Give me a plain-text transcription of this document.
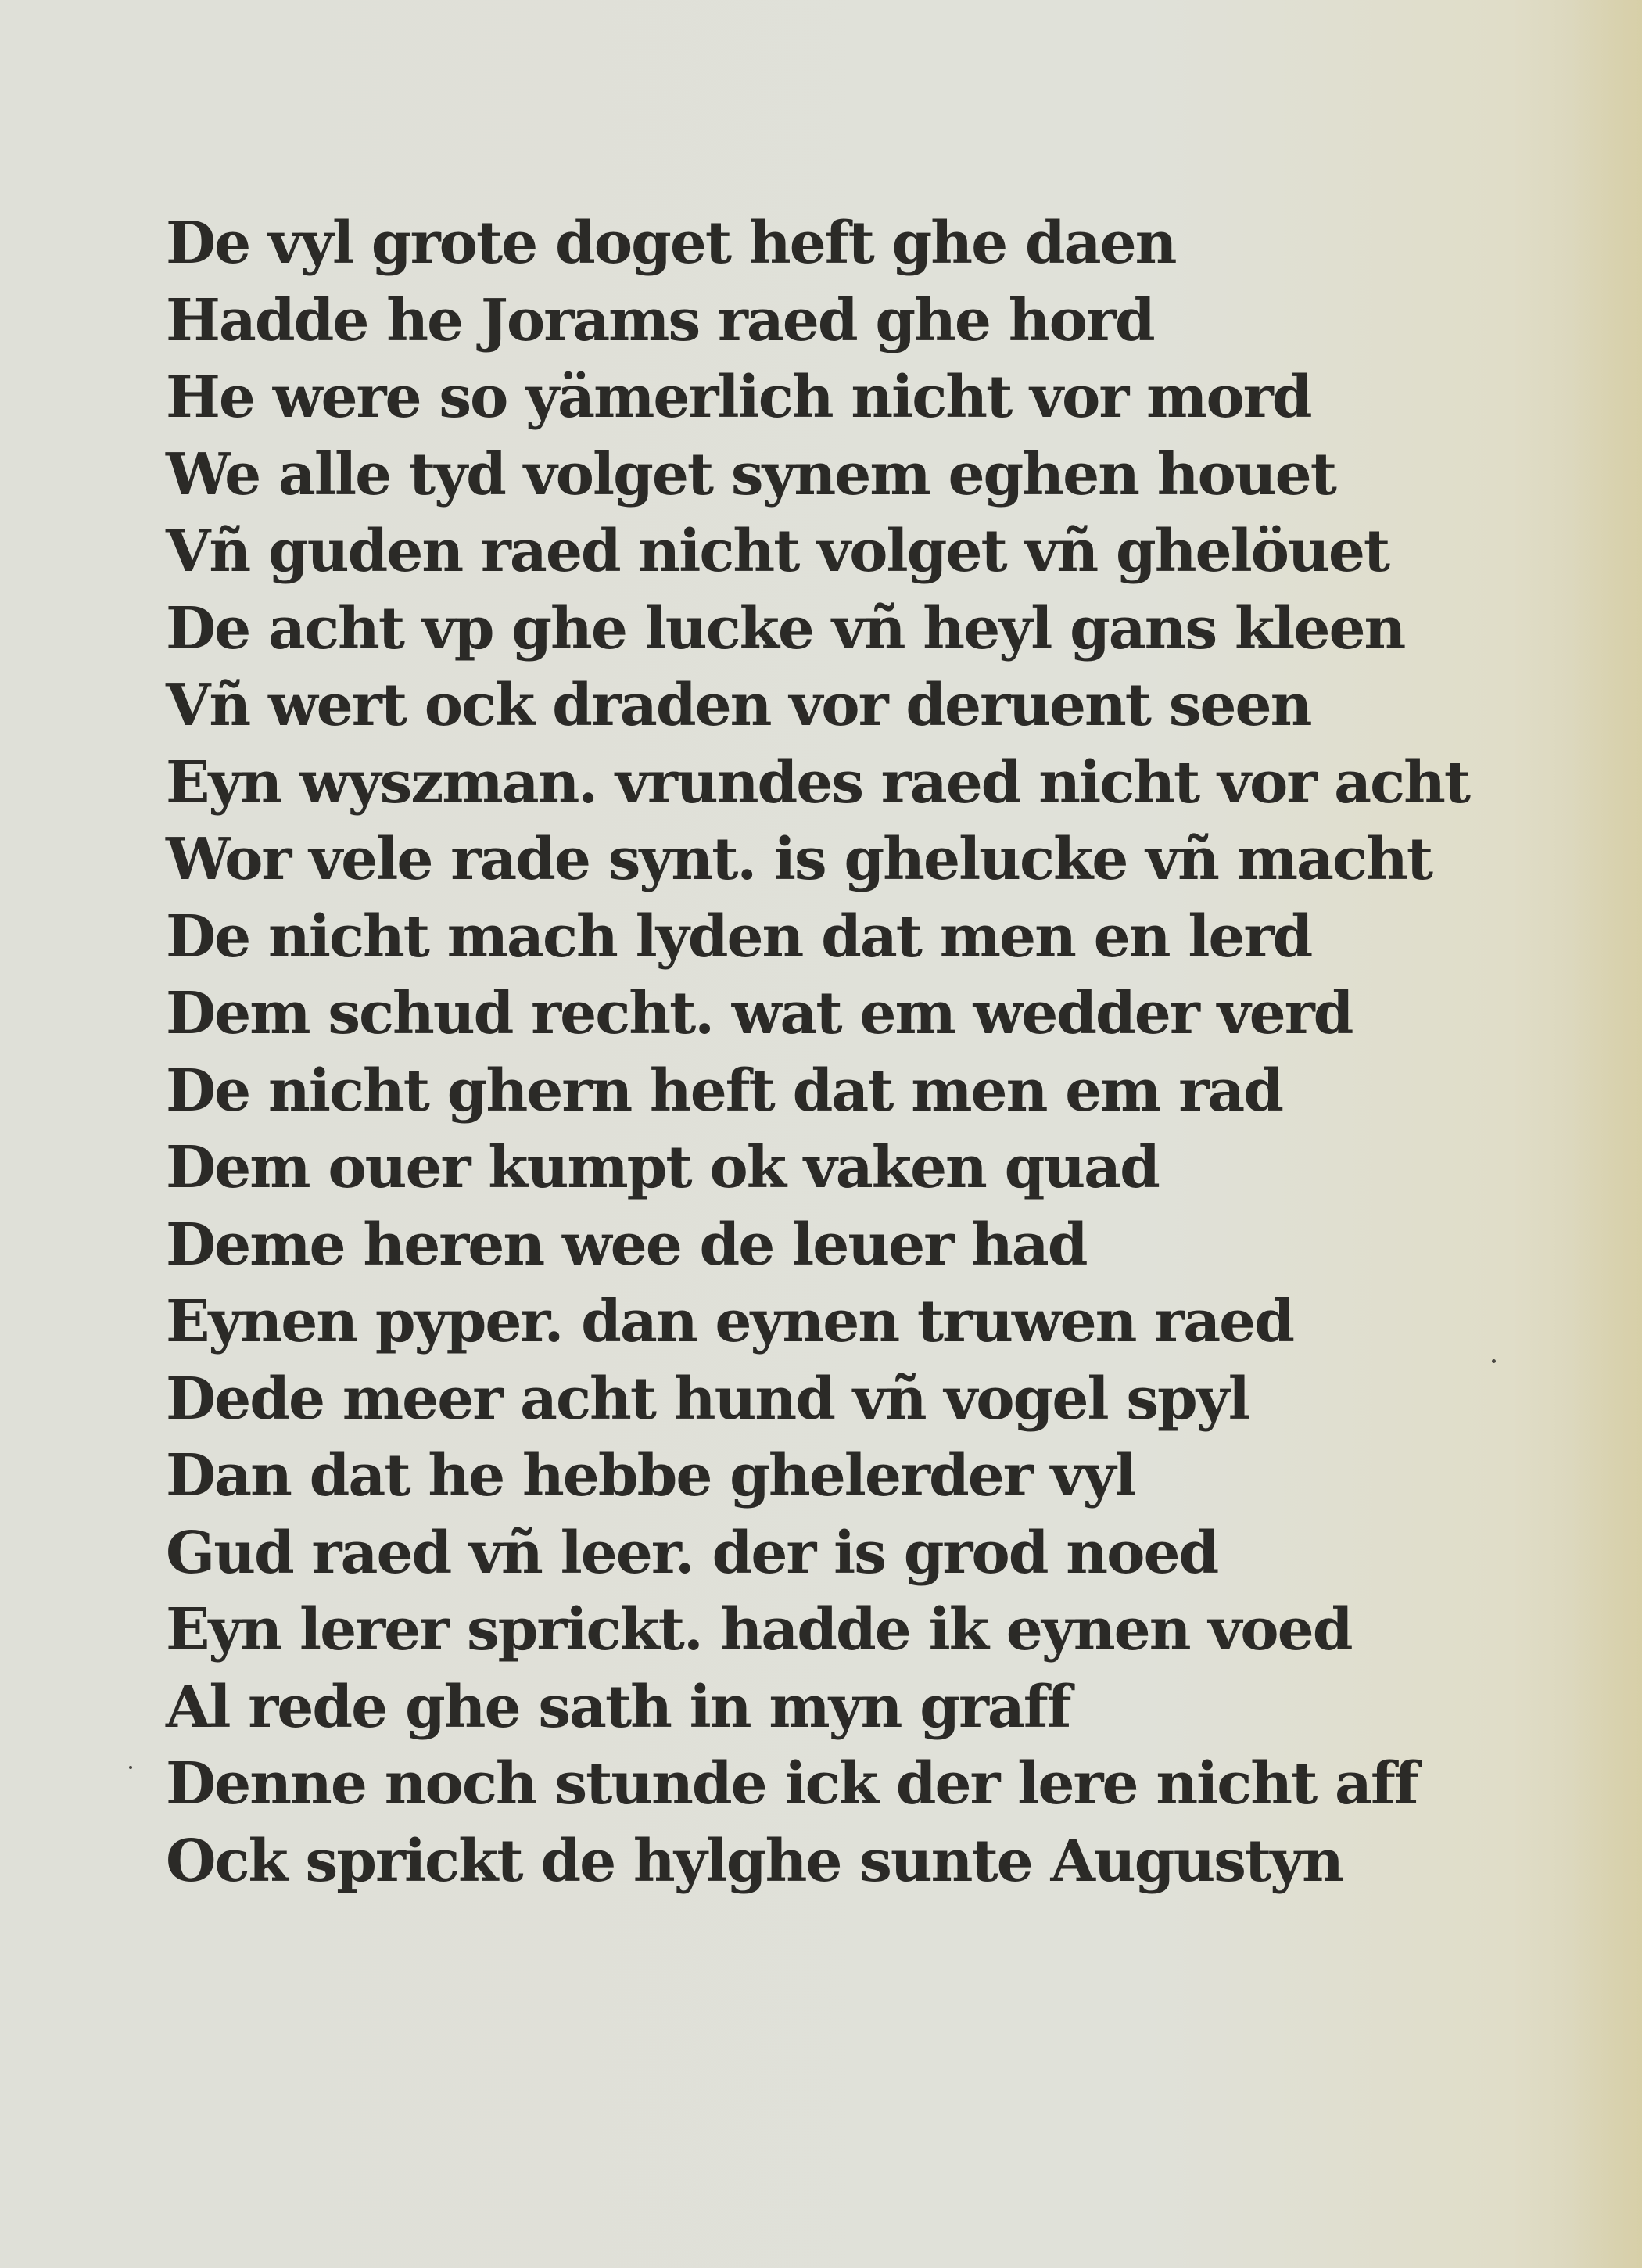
De vyl grote doget heft ghe daen
Hadde he Jorams raed ghe hord
He were so yämerlich nicht vor mord
We alle tyd volget synem eghen houet
Vñ guden raed nicht volget vñ ghelöuet
De acht vp ghe lucke vñ heyl gans kleen
Vñ wert ock draden vor deruent seen
Eyn wyszman. vrundes raed nicht vor acht
Wor vele rade synt. is ghelucke vñ macht
De nicht mach lyden dat men en lerd
Dem schud recht. wat em wedder verd
De nicht ghern heft dat men em rad
Dem ouer kumpt ok vaken quad
Deme heren wee de leuer had
Eynen pyper. dan eynen truwen raed
Dede meer acht hund vñ vogel spyl
Dan dat he hebbe ghelerder vyl
Gud raed vñ leer. der is grod noed
Eyn lerer sprickt. hadde ik eynen voed
Al rede ghe sath in myn graff
Denne noch stunde ick der lere nicht aff
Ock sprickt de hylghe sunte Augustyn
